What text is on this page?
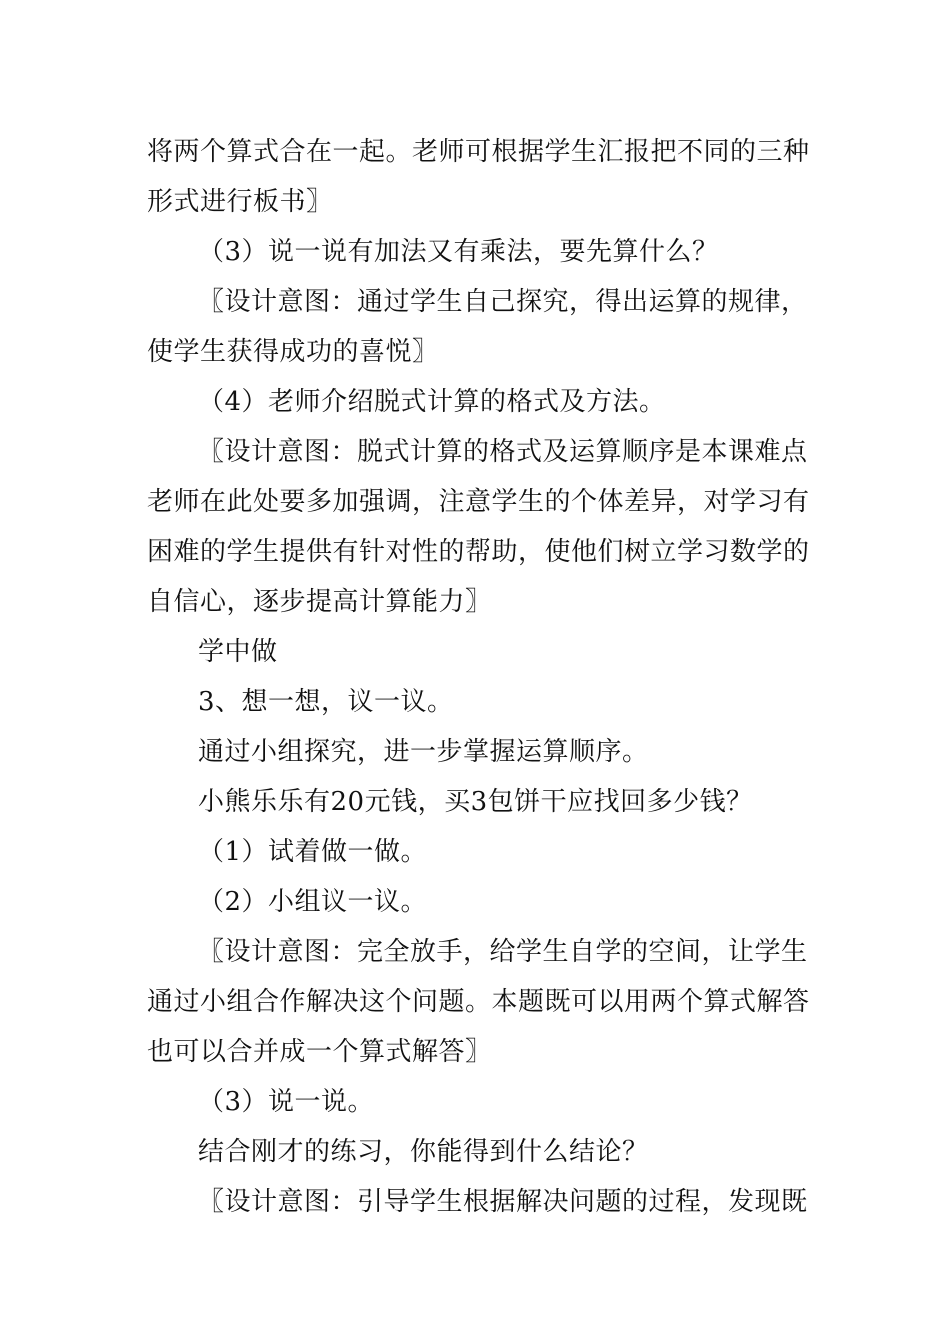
将两个算式合在一起。老师可根据学生汇报把不同的三种
形式进行板书〗
（3）说一说有加法又有乘法，要先算什么？
〖设计意图：通过学生自己探究，得出运算的规律，
使学生获得成功的喜悦〗
（4）老师介绍脱式计算的格式及方法。
〖设计意图：脱式计算的格式及运算顺序是本课难点
老师在此处要多加强调，注意学生的个体差异，对学习有
困难的学生提供有针对性的帮助，使他们树立学习数学的
自信心，逐步提高计算能力〗
学中做
3、想一想，议一议。
通过小组探究，进一步掌握运算顺序。
小熊乐乐有20元钱，买3包饼干应找回多少钱？
（1）试着做一做。
（2）小组议一议。
〖设计意图：完全放手，给学生自学的空间，让学生
通过小组合作解决这个问题。本题既可以用两个算式解答
也可以合并成一个算式解答〗
（3）说一说。
结合刚才的练习，你能得到什么结论？
〖设计意图：引导学生根据解决问题的过程，发现既
